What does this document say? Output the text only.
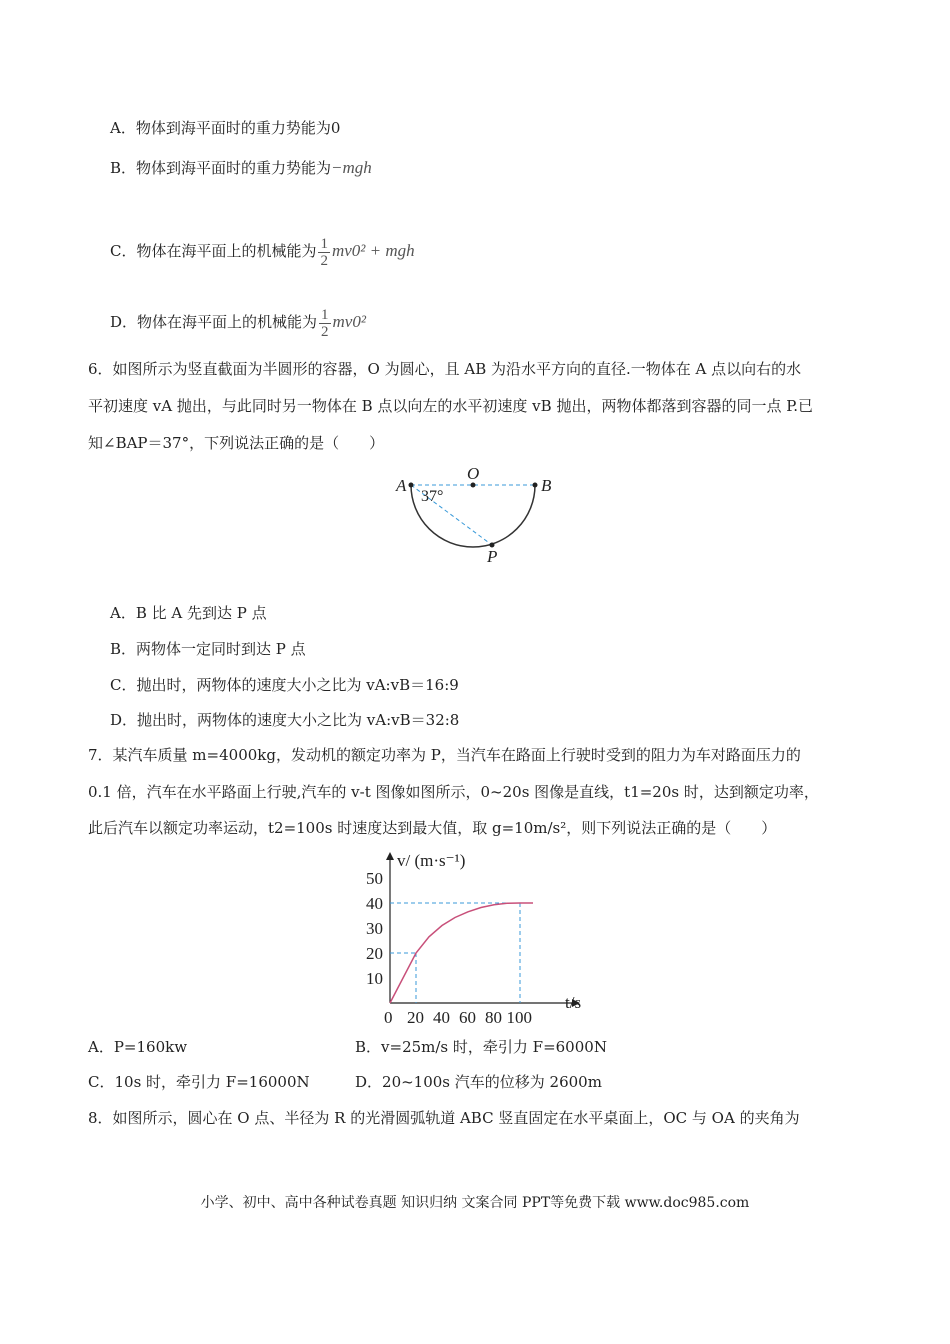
A．物体到海平面时的重力势能为0
B．物体到海平面时的重力势能为−mgh
C．物体在海平面上的机械能为 $\frac{1}{2} mv0^2$ + mgh
D．物体在海平面上的机械能为 $\frac{1}{2} mv0^2$
6．如图所示为竖直截面为半圆形的容器，O 为圆心，且 AB 为沿水平方向的直径.一物体在 A 点以向右的水
平初速度 vA 抛出，与此同时另一物体在 B 点以向左的水平初速度 vB 抛出，两物体都落到容器的同一点 P.已
知∠BAP＝37°，下列说法正确的是（　　）
A
O
B
P
37°
A．B 比 A 先到达 P 点
B．两物体一定同时到达 P 点
C．抛出时，两物体的速度大小之比为 vA:vB＝16:9
D．抛出时，两物体的速度大小之比为 vA:vB＝32:8
7．某汽车质量 m=4000kg，发动机的额定功率为 P，当汽车在路面上行驶时受到的阻力为车对路面压力的
0.1 倍，汽车在水平路面上行驶,汽车的 v-t 图像如图所示，0~20s 图像是直线，t1=20s 时，达到额定功率，
此后汽车以额定功率运动，t2=100s 时速度达到最大值，取 g=10m/s²，则下列说法正确的是（　　）
0 20 40 60 80 100
10
20
30
40
50
v/ (m·s⁻¹)
t/s
A．P=160kw	B．v=25m/s 时，牵引力 F=6000N
C．10s 时，牵引力 F=16000N	D．20~100s 汽车的位移为 2600m
8．如图所示，圆心在 O 点、半径为 R 的光滑圆弧轨道 ABC 竖直固定在水平桌面上，OC 与 OA 的夹角为
小学、初中、高中各种试卷真题 知识归纳 文案合同 PPT等免费下载 www.doc985.com
